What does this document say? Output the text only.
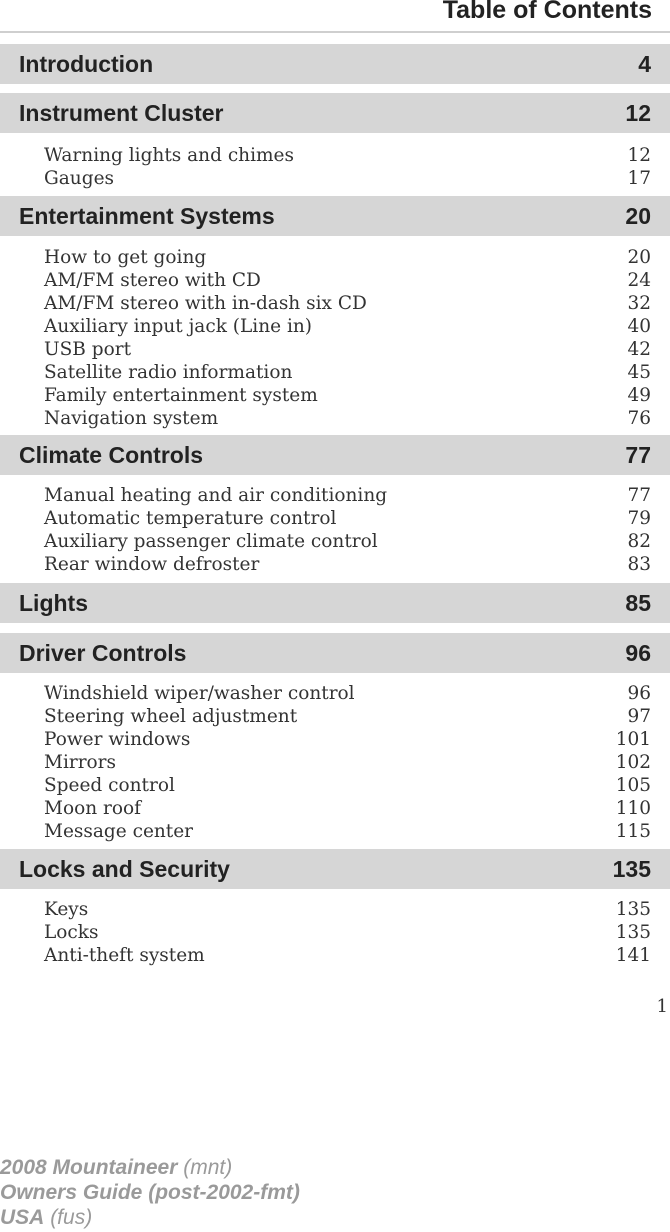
Table of Contents
Introduction	4
Instrument Cluster	12
Warning lights and chimes	12
Gauges	17
Entertainment Systems	20
How to get going	20
AM/FM stereo with CD	24
AM/FM stereo with in-dash six CD	32
Auxiliary input jack (Line in)	40
USB port	42
Satellite radio information	45
Family entertainment system	49
Navigation system	76
Climate Controls	77
Manual heating and air conditioning	77
Automatic temperature control	79
Auxiliary passenger climate control	82
Rear window defroster	83
Lights	85
Driver Controls	96
Windshield wiper/washer control	96
Steering wheel adjustment	97
Power windows	101
Mirrors	102
Speed control	105
Moon roof	110
Message center	115
Locks and Security	135
Keys	135
Locks	135
Anti-theft system	141
1
2008 Mountaineer (mnt)
Owners Guide (post-2002-fmt)
USA (fus)
